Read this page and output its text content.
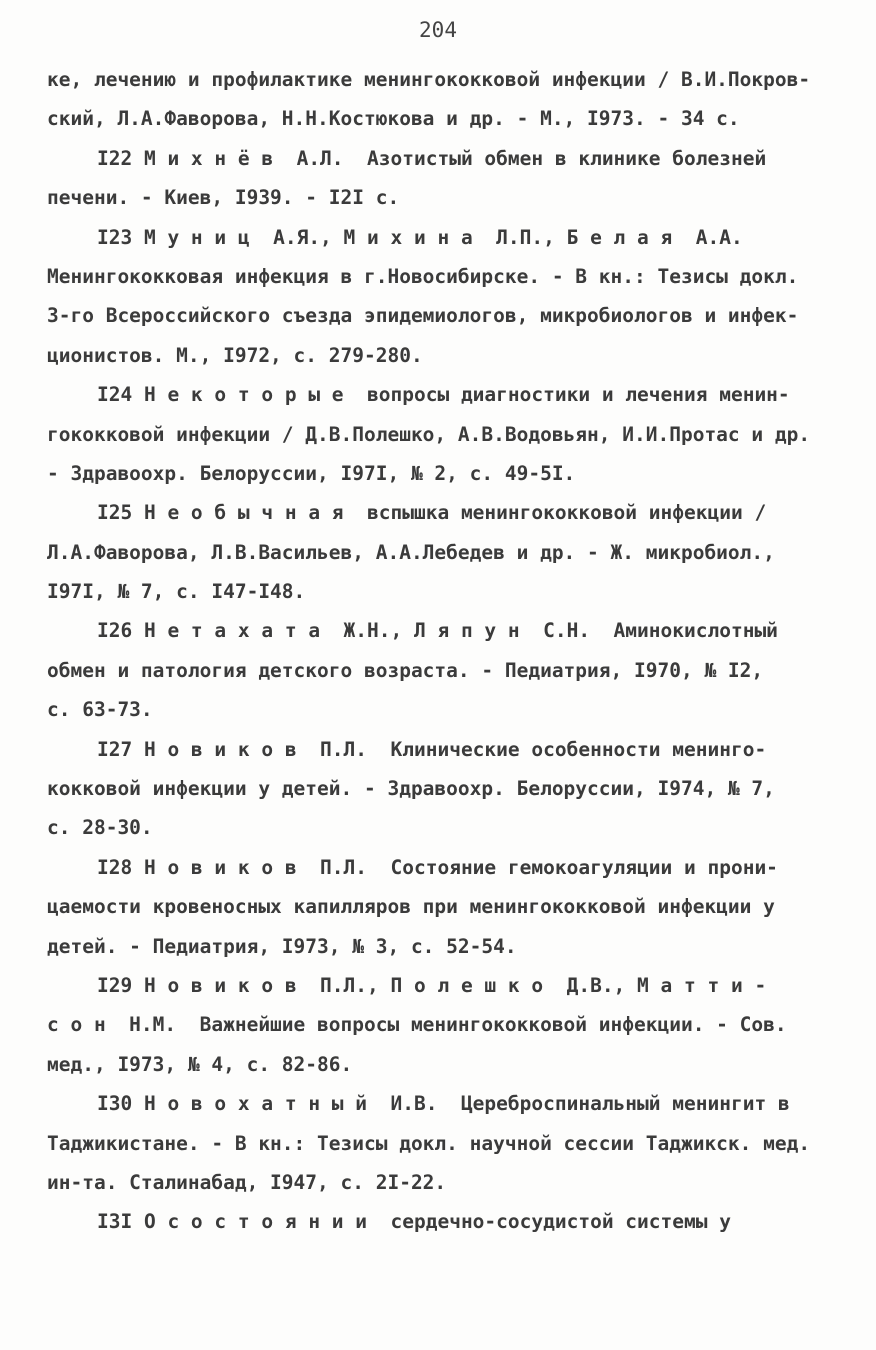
204
ке, лечению и профилактике менингококковой инфекции / В.И.Покров-
ский, Л.А.Фаворова, Н.Н.Костюкова и др. - М., I973. - 34 с.
I22 М и х н ё в  А.Л.  Азотистый обмен в клинике болезней
печени. - Киев, I939. - I2I с.
I23 М у н и ц  А.Я., М и х и н а  Л.П., Б е л а я  А.А.
Менингококковая инфекция в г.Новосибирске. - В кн.: Тезисы докл.
3-го Всероссийского съезда эпидемиологов, микробиологов и инфек-
ционистов. М., I972, с. 279-280.
I24 Н е к о т о р ы е  вопросы диагностики и лечения менин-
гококковой инфекции / Д.В.Полешко, А.В.Водовьян, И.И.Протас и др.
- Здравоохр. Белоруссии, I97I, № 2, с. 49-5I.
I25 Н е о б ы ч н а я  вспышка менингококковой инфекции /
Л.А.Фаворова, Л.В.Васильев, А.А.Лебедев и др. - Ж. микробиол.,
I97I, № 7, с. I47-I48.
I26 Н е т а х а т а  Ж.Н., Л я п у н  С.Н.  Аминокислотный
обмен и патология детского возраста. - Педиатрия, I970, № I2,
с. 63-73.
I27 Н о в и к о в  П.Л.  Клинические особенности менинго-
кокковой инфекции у детей. - Здравоохр. Белоруссии, I974, № 7,
с. 28-30.
I28 Н о в и к о в  П.Л.  Состояние гемокоагуляции и прони-
цаемости кровеносных капилляров при менингококковой инфекции у
детей. - Педиатрия, I973, № 3, с. 52-54.
I29 Н о в и к о в  П.Л., П о л е ш к о  Д.В., М а т т и -
с о н  Н.М.  Важнейшие вопросы менингококковой инфекции. - Сов.
мед., I973, № 4, с. 82-86.
I30 Н о в о х а т н ы й  И.В.  Цереброспинальный менингит в
Таджикистане. - В кн.: Тезисы докл. научной сессии Таджикск. мед.
ин-та. Сталинабад, I947, с. 2I-22.
I3I О с о с т о я н и и  сердечно-сосудистой системы у
